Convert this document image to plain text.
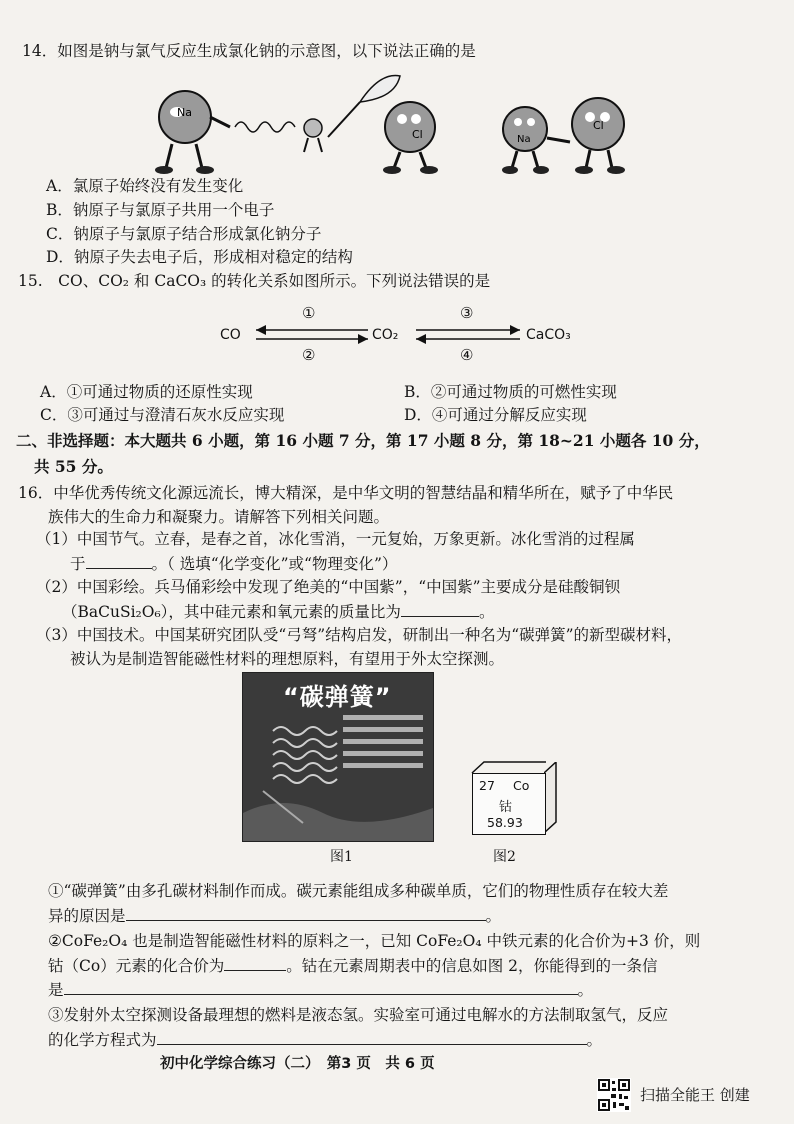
14．如图是钠与氯气反应生成氯化钠的示意图，以下说法正确的是
Na
Cl	Na
Cl
A．氯原子始终没有发生变化
B．钠原子与氯原子共用一个电子
C．钠原子与氯原子结合形成氯化钠分子
D．钠原子失去电子后，形成相对稳定的结构
15.　CO、CO₂ 和 CaCO₃ 的转化关系如图所示。下列说法错误的是
CO	CO₂	CaCO₃
①
②
③
④
A．①可通过物质的还原性实现	B．②可通过物质的可燃性实现
C．③可通过与澄清石灰水反应实现	D．④可通过分解反应实现
二、非选择题：本大题共 6 小题，第 16 小题 7 分，第 17 小题 8 分，第 18~21 小题各 10 分，
共 55 分。
16．中华优秀传统文化源远流长，博大精深，是中华文明的智慧结晶和精华所在，赋予了中华民
族伟大的生命力和凝聚力。请解答下列相关问题。
（1）中国节气。立春，是春之首，冰化雪消，一元复始，万象更新。冰化雪消的过程属
于	。（ 选填“化学变化”或“物理变化”）
（2）中国彩绘。兵马俑彩绘中发现了绝美的“中国紫”，“中国紫”主要成分是硅酸铜钡
（BaCuSi₂O₆），其中硅元素和氧元素的质量比为	。
（3）中国技术。中国某研究团队受“弓弩”结构启发，研制出一种名为“碳弹簧”的新型碳材料，
被认为是制造智能磁性材料的理想原料，有望用于外太空探测。
“碳弹簧”
图1
27 Co
钴
58.93
图2
①“碳弹簧”由多孔碳材料制作而成。碳元素能组成多种碳单质，它们的物理性质存在较大差
异的原因是	。
②CoFe₂O₄ 也是制造智能磁性材料的原料之一，已知 CoFe₂O₄ 中铁元素的化合价为+3 价，则
钴（Co）元素的化合价为	。钴在元素周期表中的信息如图 2，你能得到的一条信
是	。
③发射外太空探测设备最理想的燃料是液态氢。实验室可通过电解水的方法制取氢气，反应
的化学方程式为	。
初中化学综合练习（二）　第3 页　共 6 页
扫描全能王 创建
